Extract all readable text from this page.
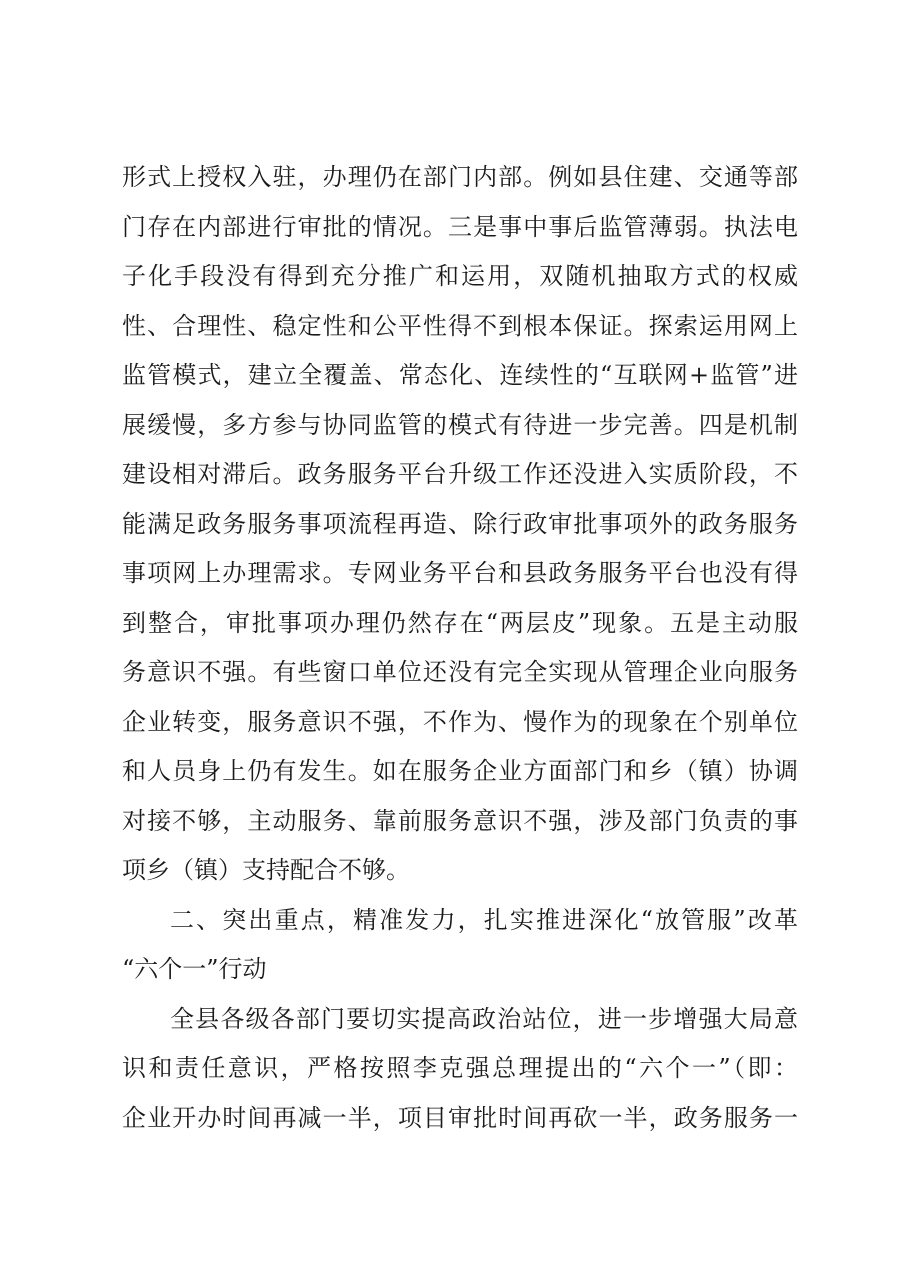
形式上授权入驻，办理仍在部门内部。例如县住建、交通等部
门存在内部进行审批的情况。三是事中事后监管薄弱。执法电
子化手段没有得到充分推广和运用，双随机抽取方式的权威
性、合理性、稳定性和公平性得不到根本保证。探索运用网上
监管模式，建立全覆盖、常态化、连续性的“互联网+监管”进
展缓慢，多方参与协同监管的模式有待进一步完善。四是机制
建设相对滞后。政务服务平台升级工作还没进入实质阶段，不
能满足政务服务事项流程再造、除行政审批事项外的政务服务
事项网上办理需求。专网业务平台和县政务服务平台也没有得
到整合，审批事项办理仍然存在“两层皮”现象。五是主动服
务意识不强。有些窗口单位还没有完全实现从管理企业向服务
企业转变，服务意识不强，不作为、慢作为的现象在个别单位
和人员身上仍有发生。如在服务企业方面部门和乡（镇）协调
对接不够，主动服务、靠前服务意识不强，涉及部门负责的事
项乡（镇）支持配合不够。
二、突出重点，精准发力，扎实推进深化“放管服”改革
“六个一”行动
全县各级各部门要切实提高政治站位，进一步增强大局意
识和责任意识，严格按照李克强总理提出的“六个一”（即：
企业开办时间再减一半，项目审批时间再砍一半，政务服务一
